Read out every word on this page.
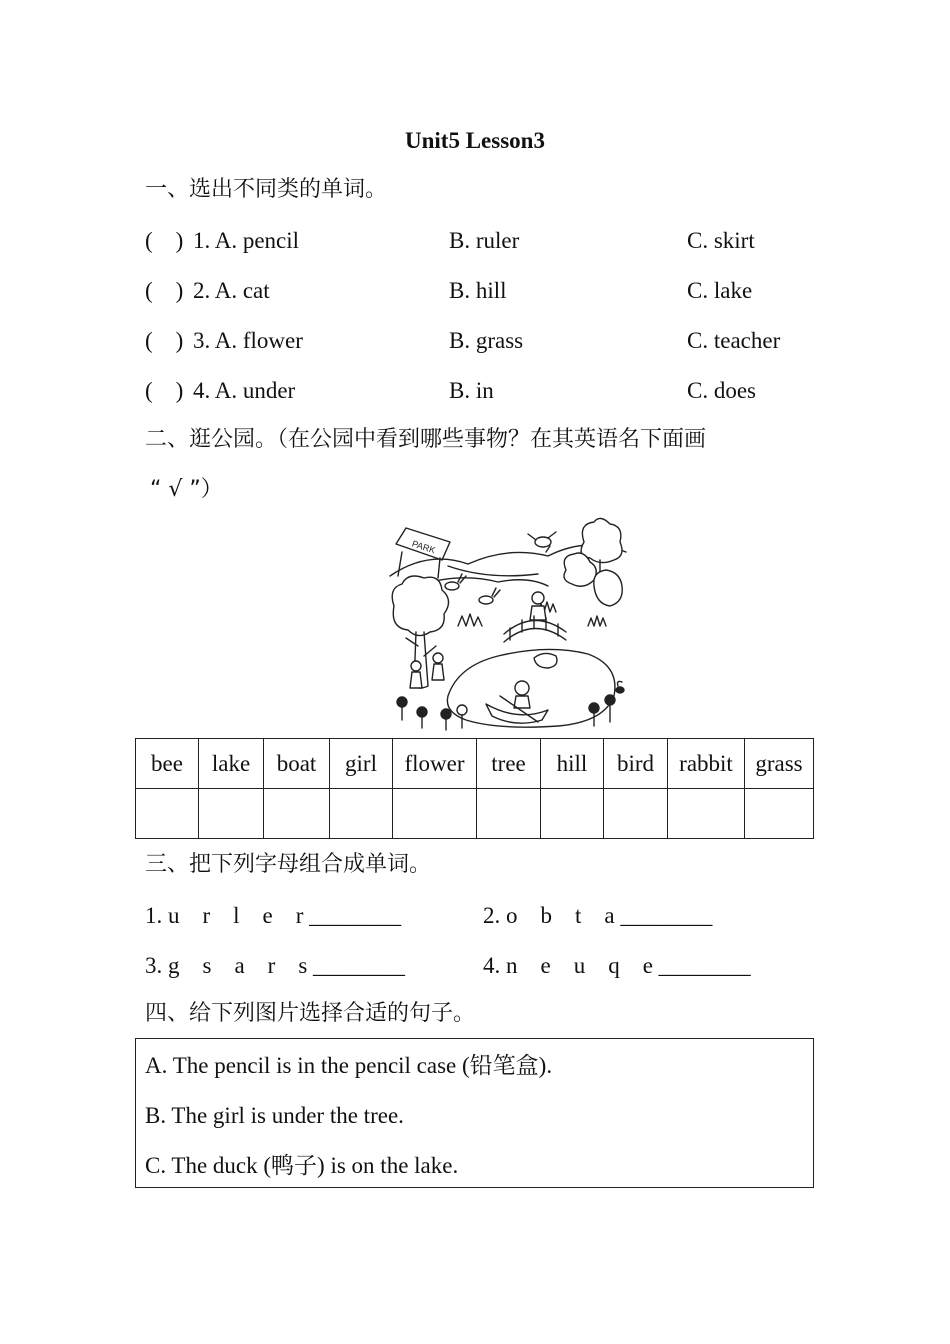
Unit5 Lesson3
一、选出不同类的单词。
(    ) 1. A. pencil	B. ruler	C. skirt
(    ) 2. A. cat	B. hill	C. lake
(    ) 3. A. flower	B. grass	C. teacher
(    ) 4. A. under	B. in	C. does
二、逛公园。（在公园中看到哪些事物？在其英语名下面画
“ √ ”）
PARK
bee	lake	boat	girl	flower	tree	hill	bird	rabbit	grass

三、把下列字母组合成单词。
1. u    r    l    e    r ________	2. o    b    t    a ________
3. g    s    a    r    s ________	4. n    e    u    q    e ________
四、给下列图片选择合适的句子。
A. The pencil is in the pencil case (铅笔盒).
B. The girl is under the tree.
C. The duck (鸭子) is on the lake.
